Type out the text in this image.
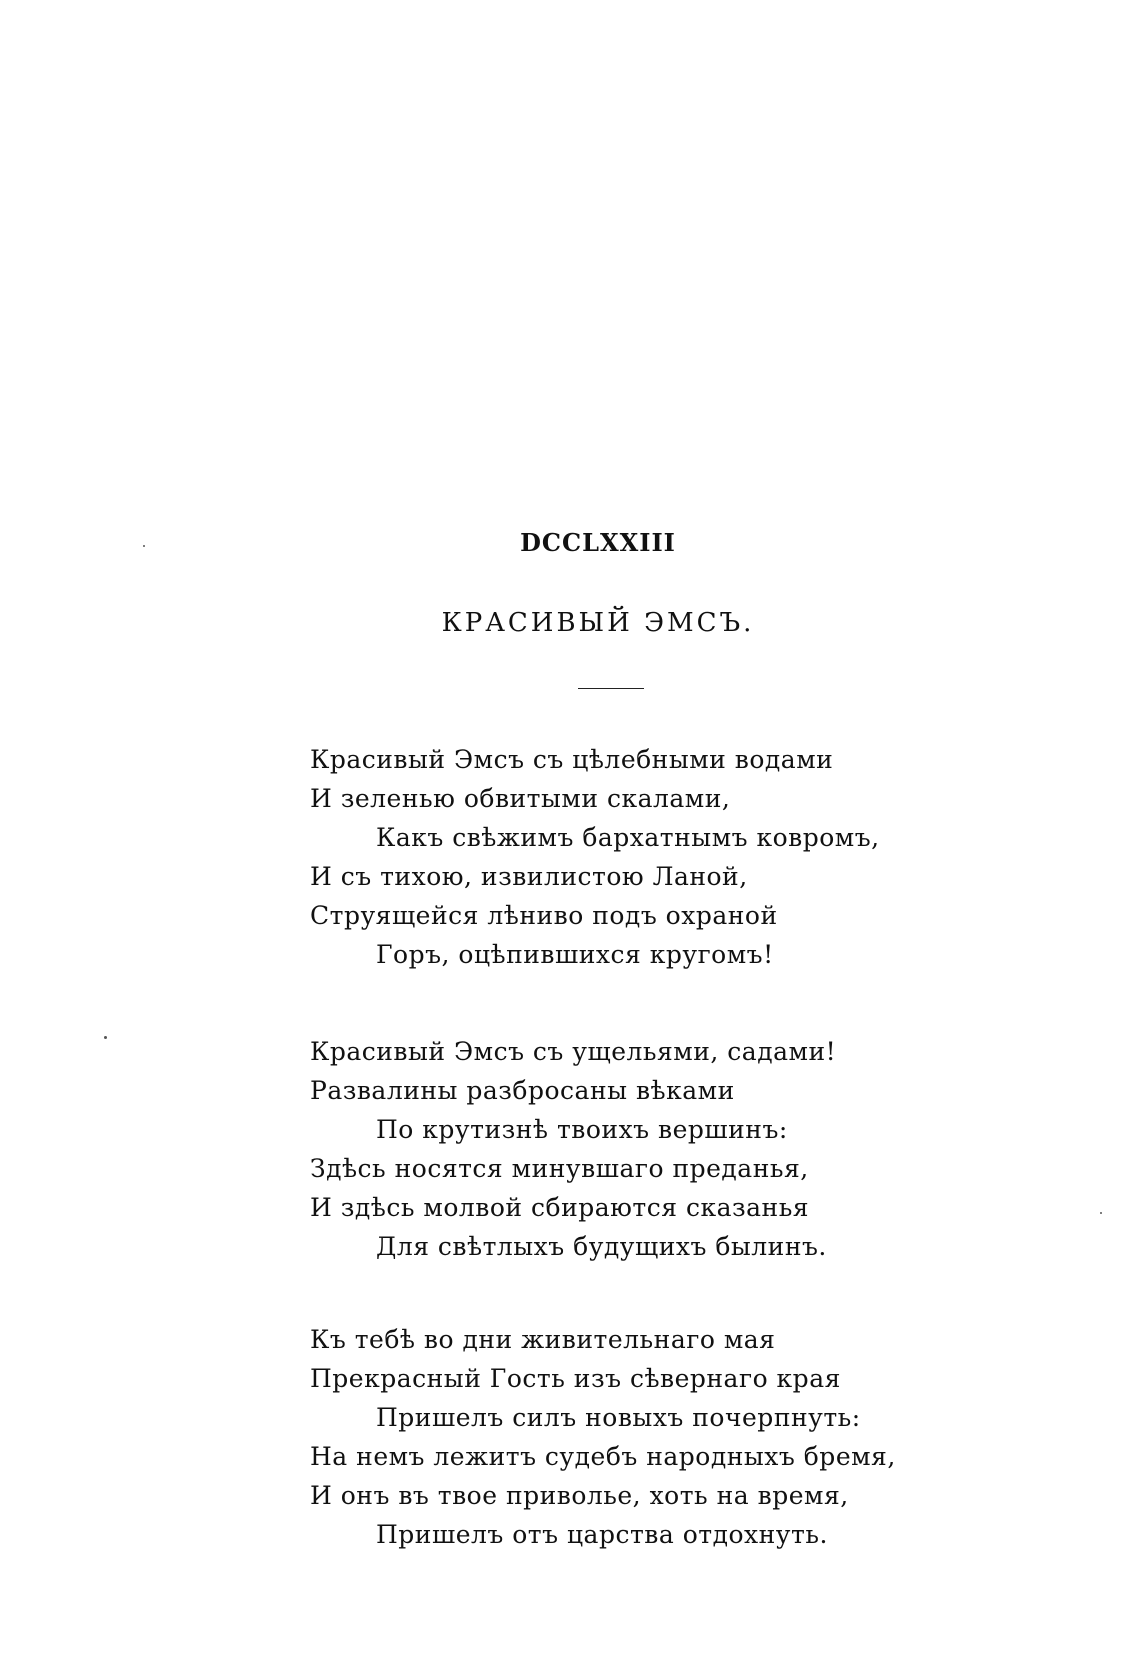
DCCLXXIII
КРАСИВЫЙ ЭМСЪ.
Красивый Эмсъ съ цѣлебными водами
И зеленью обвитыми скалами,
Какъ свѣжимъ бархатнымъ ковромъ,
И съ тихою, извилистою Ланой,
Струящейся лѣниво подъ охраной
Горъ, оцѣпившихся кругомъ!
Красивый Эмсъ съ ущельями, садами!
Развалины разбросаны вѣками
По крутизнѣ твоихъ вершинъ:
Здѣсь носятся минувшаго преданья,
И здѣсь молвой сбираются сказанья
Для свѣтлыхъ будущихъ былинъ.
Къ тебѣ во дни живительнаго мая
Прекрасный Гость изъ сѣвернаго края
Пришелъ силъ новыхъ почерпнуть:
На немъ лежитъ судебъ народныхъ бремя,
И онъ въ твое приволье, хоть на время,
Пришелъ отъ царства отдохнуть.
